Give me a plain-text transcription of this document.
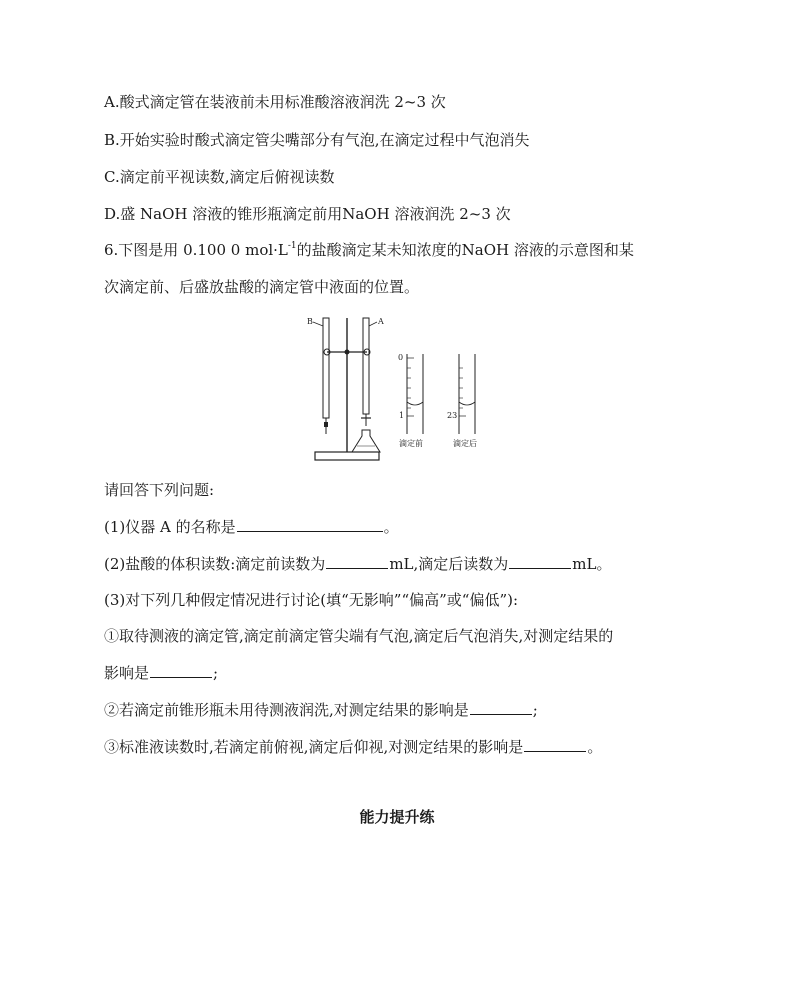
A.酸式滴定管在装液前未用标准酸溶液润洗 2~3 次
B.开始实验时酸式滴定管尖嘴部分有气泡,在滴定过程中气泡消失
C.滴定前平视读数,滴定后俯视读数
D.盛 NaOH 溶液的锥形瓶滴定前用NaOH 溶液润洗 2~3 次
6.下图是用 0.100 0 $mol\cdot L^{-1}$的盐酸滴定某未知浓度的NaOH 溶液的示意图和某
次滴定前、后盛放盐酸的滴定管中液面的位置。
B	A
0
1
滴定前
23
滴定后
请回答下列问题:
(1)仪器 A 的名称是	。
(2)盐酸的体积读数:滴定前读数为	mL,滴定后读数为	mL。
(3)对下列几种假定情况进行讨论(填“无影响”“偏高”或“偏低”):
①取待测液的滴定管,滴定前滴定管尖端有气泡,滴定后气泡消失,对测定结果的
影响是	;
②若滴定前锥形瓶未用待测液润洗,对测定结果的影响是	;
③标准液读数时,若滴定前俯视,滴定后仰视,对测定结果的影响是	。
能力提升练
